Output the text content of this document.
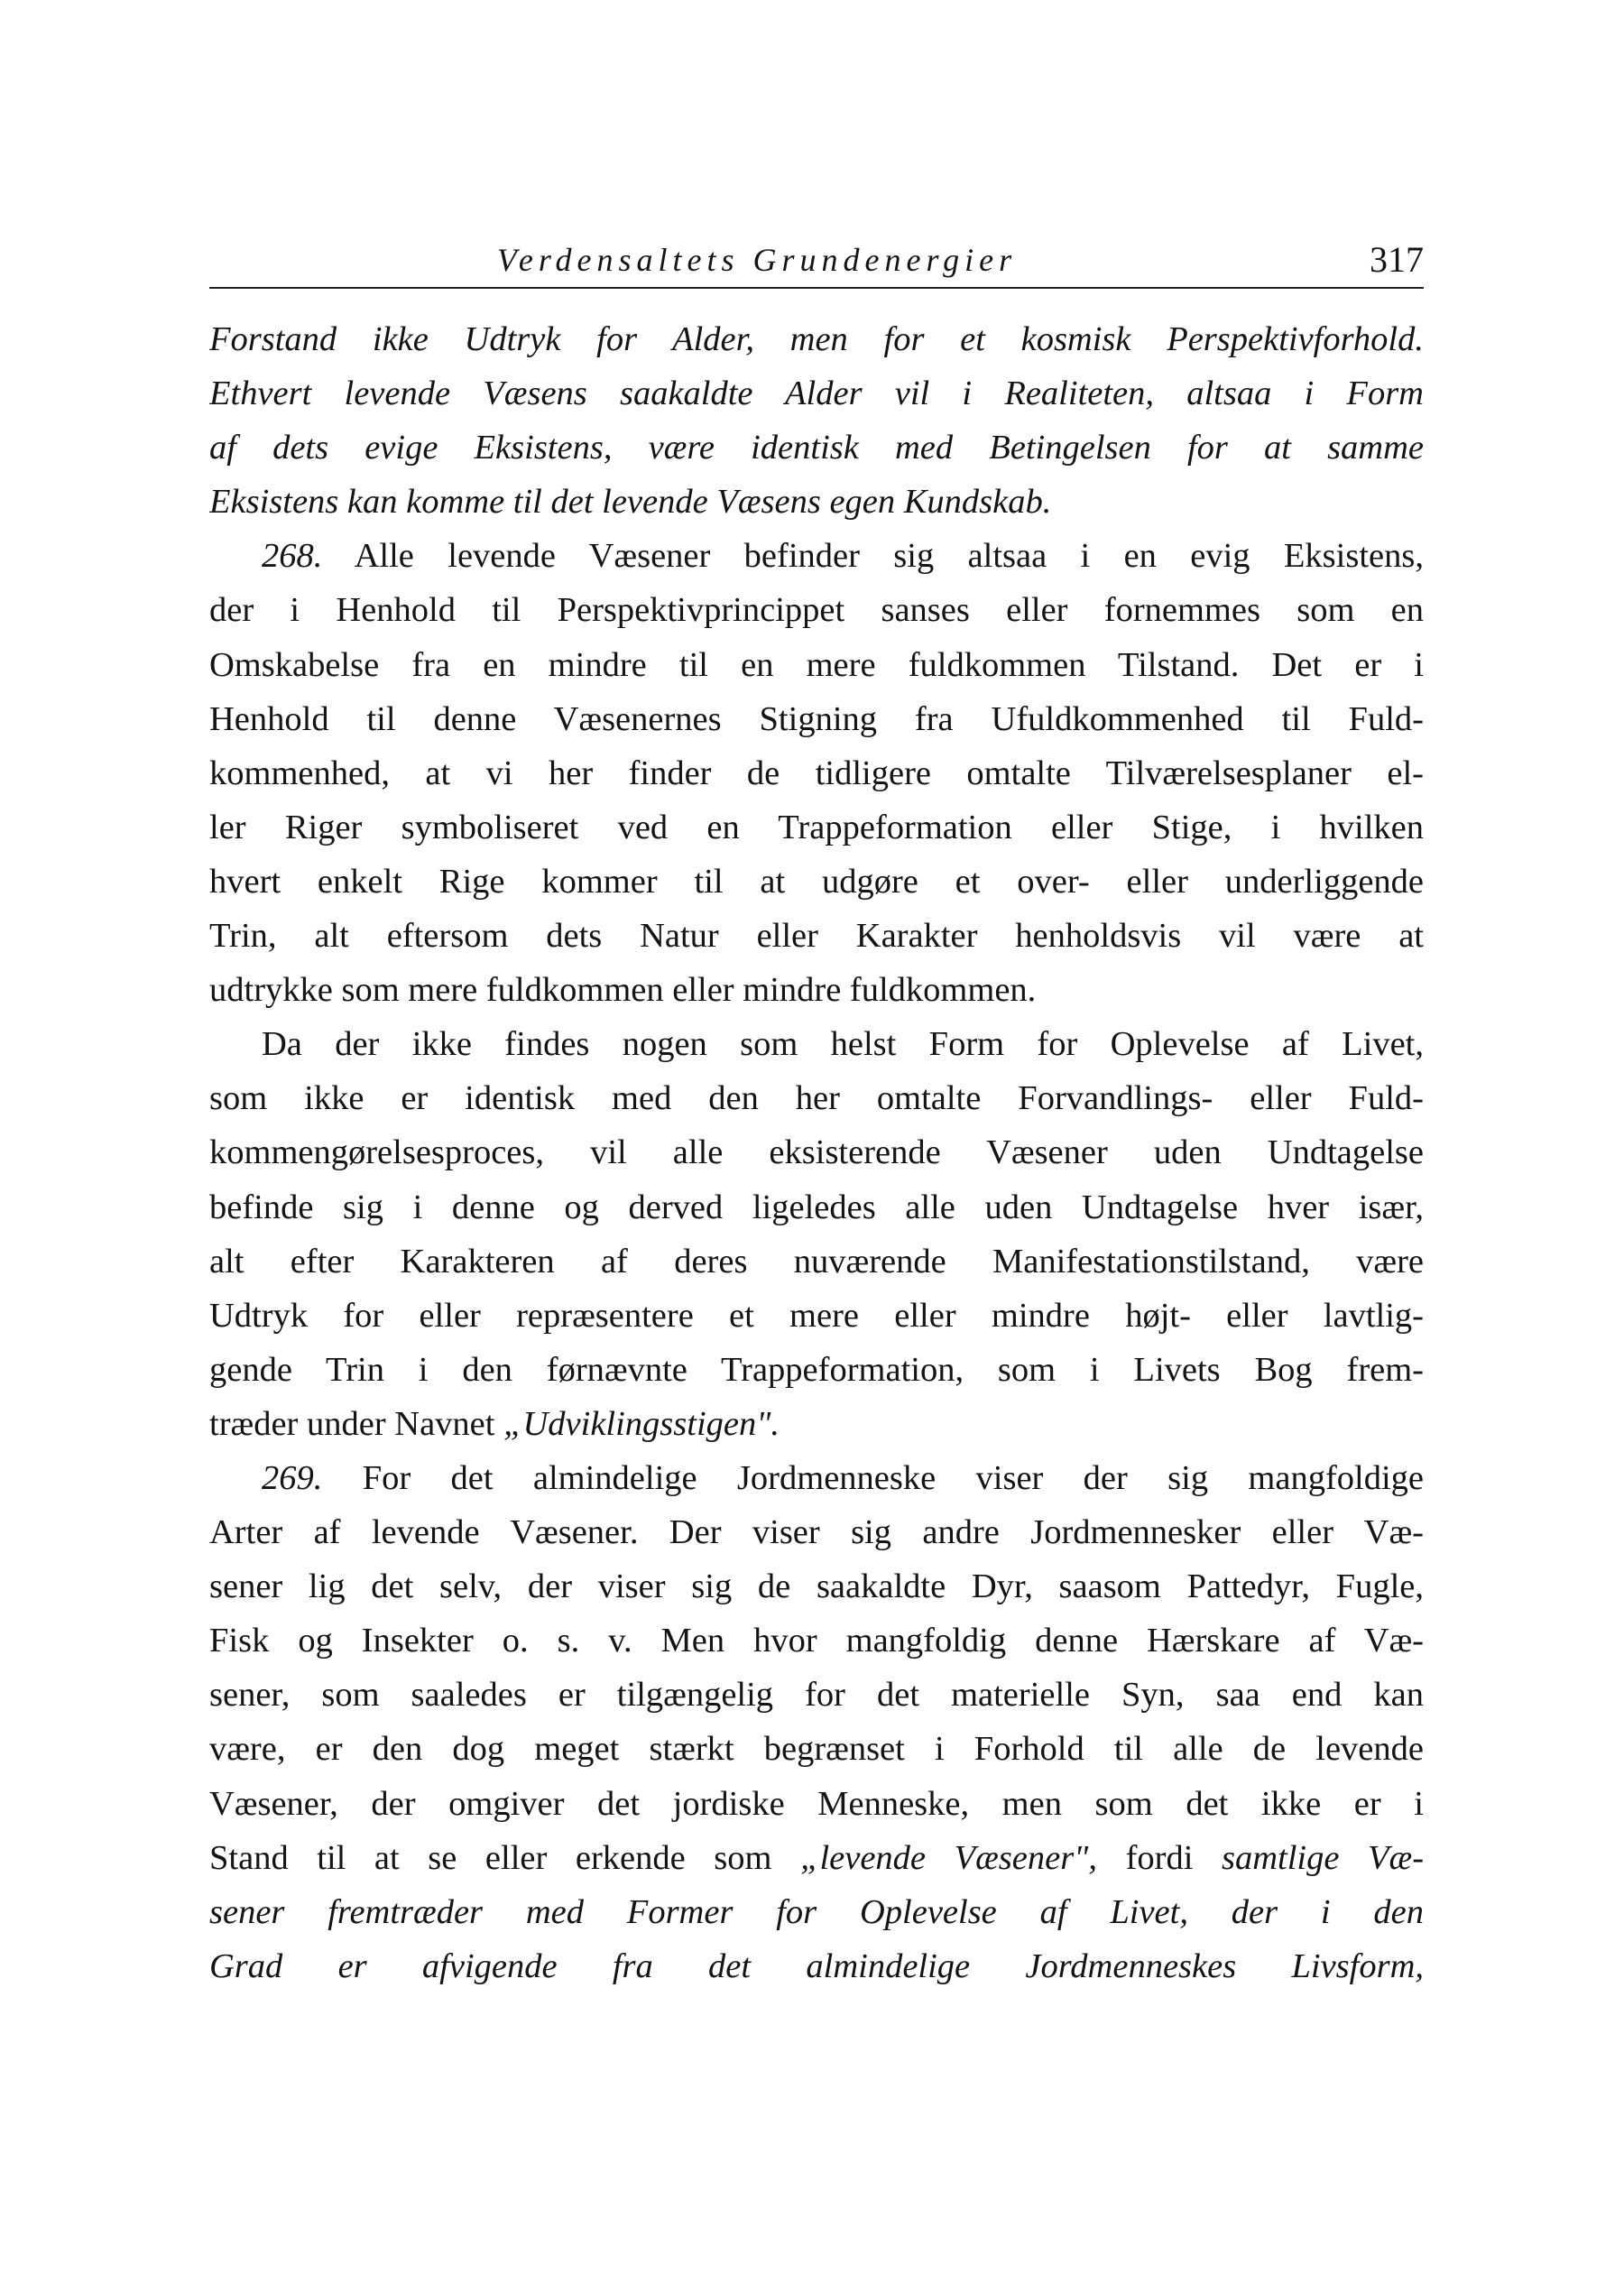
Verdensaltets Grundenergier	317
Forstand ikke Udtryk for Alder, men for et kosmisk Perspektivforhold.
Ethvert levende Væsens saakaldte Alder vil i Realiteten, altsaa i Form
af dets evige Eksistens, være identisk med Betingelsen for at samme
Eksistens kan komme til det levende Væsens egen Kundskab.
268. Alle levende Væsener befinder sig altsaa i en evig Eksistens,
der i Henhold til Perspektivprincippet sanses eller fornemmes som en
Omskabelse fra en mindre til en mere fuldkommen Tilstand. Det er i
Henhold til denne Væsenernes Stigning fra Ufuldkommenhed til Fuld-
kommenhed, at vi her finder de tidligere omtalte Tilværelsesplaner el-
ler Riger symboliseret ved en Trappeformation eller Stige, i hvilken
hvert enkelt Rige kommer til at udgøre et over- eller underliggende
Trin, alt eftersom dets Natur eller Karakter henholdsvis vil være at
udtrykke som mere fuldkommen eller mindre fuldkommen.
Da der ikke findes nogen som helst Form for Oplevelse af Livet,
som ikke er identisk med den her omtalte Forvandlings- eller Fuld-
kommengørelsesproces, vil alle eksisterende Væsener uden Undtagelse
befinde sig i denne og derved ligeledes alle uden Undtagelse hver især,
alt efter Karakteren af deres nuværende Manifestationstilstand, være
Udtryk for eller repræsentere et mere eller mindre højt- eller lavtlig-
gende Trin i den førnævnte Trappeformation, som i Livets Bog frem-
træder under Navnet „Udviklingsstigen".
269. For det almindelige Jordmenneske viser der sig mangfoldige
Arter af levende Væsener. Der viser sig andre Jordmennesker eller Væ-
sener lig det selv, der viser sig de saakaldte Dyr, saasom Pattedyr, Fugle,
Fisk og Insekter o. s. v. Men hvor mangfoldig denne Hærskare af Væ-
sener, som saaledes er tilgængelig for det materielle Syn, saa end kan
være, er den dog meget stærkt begrænset i Forhold til alle de levende
Væsener, der omgiver det jordiske Menneske, men som det ikke er i
Stand til at se eller erkende som „levende Væsener", fordi samtlige Væ-
sener fremtræder med Former for Oplevelse af Livet, der i den
Grad er afvigende fra det almindelige Jordmenneskes Livsform,
